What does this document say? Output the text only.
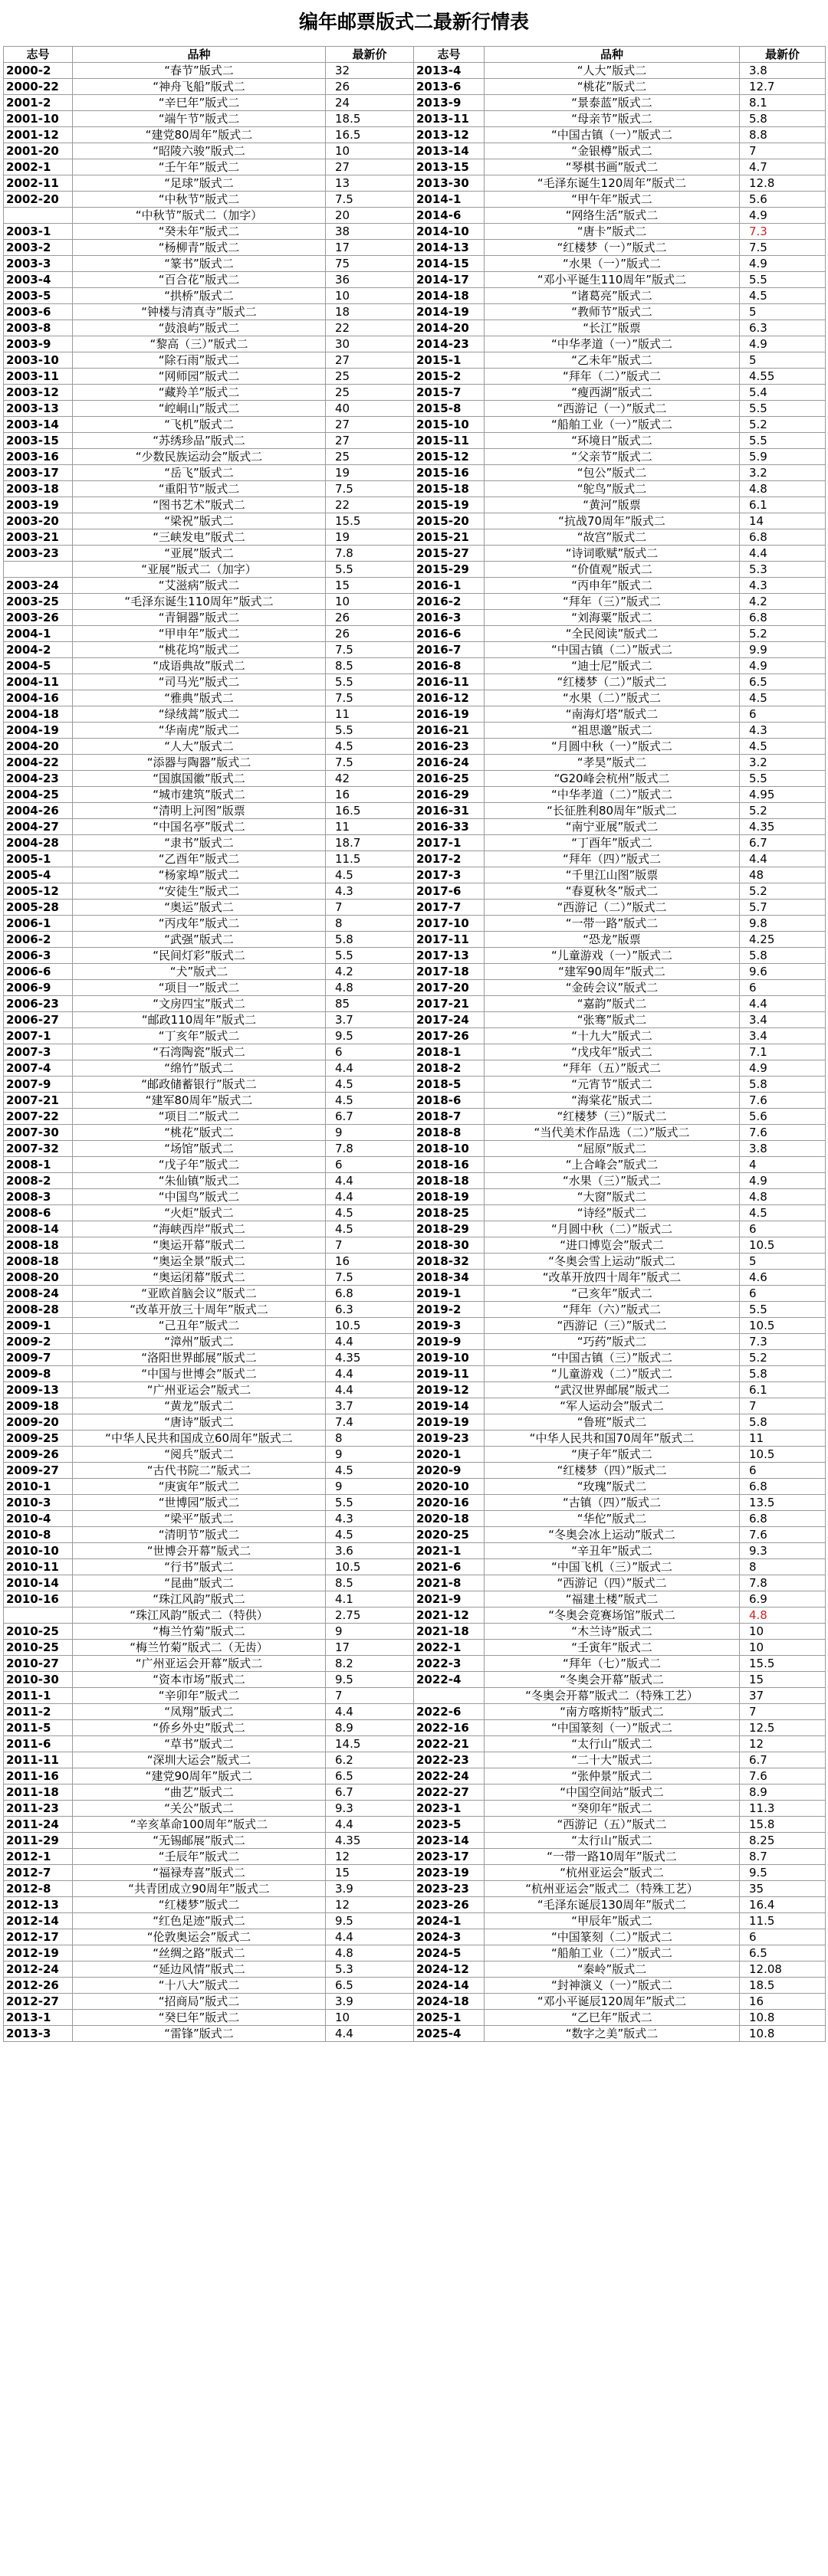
编年邮票版式二最新行情表
志号	品种	最新价	志号	品种	最新价
2000-2	“春节”版式二	32	2013-4	“人大”版式二	3.8
2000-22	“神舟飞船”版式二	26	2013-6	“桃花”版式二	12.7
2001-2	“辛巳年”版式二	24	2013-9	“景泰蓝”版式二	8.1
2001-10	“端午节”版式二	18.5	2013-11	“母亲节”版式二	5.8
2001-12	“建党80周年”版式二	16.5	2013-12	“中国古镇（一）”版式二	8.8
2001-20	“昭陵六骏”版式二	10	2013-14	“金银樽”版式二	7
2002-1	“壬午年”版式二	27	2013-15	“琴棋书画”版式二	4.7
2002-11	“足球”版式二	13	2013-30	“毛泽东诞生120周年”版式二	12.8
2002-20	“中秋节”版式二	7.5	2014-1	“甲午年”版式二	5.6
	“中秋节”版式二（加字）	20	2014-6	“网络生活”版式二	4.9
2003-1	“癸未年”版式二	38	2014-10	“唐卡”版式二	7.3
2003-2	“杨柳青”版式二	17	2014-13	“红楼梦（一）”版式二	7.5
2003-3	“篆书”版式二	75	2014-15	“水果（一）”版式二	4.9
2003-4	“百合花”版式二	36	2014-17	“邓小平诞生110周年”版式二	5.5
2003-5	“拱桥”版式二	10	2014-18	“诸葛亮”版式二	4.5
2003-6	“钟楼与清真寺”版式二	18	2014-19	“教师节”版式二	5
2003-8	“鼓浪屿”版式二	22	2014-20	“长江”版票	6.3
2003-9	“黎高（三）”版式二	30	2014-23	“中华孝道（一）”版式二	4.9
2003-10	“除石雨”版式二	27	2015-1	“乙未年”版式二	5
2003-11	“网师园”版式二	25	2015-2	“拜年（二）”版式二	4.55
2003-12	“藏羚羊”版式二	25	2015-7	“瘦西湖”版式二	5.4
2003-13	“崆峒山”版式二	40	2015-8	“西游记（一）”版式二	5.5
2003-14	“飞机”版式二	27	2015-10	“船舶工业（一）”版式二	5.2
2003-15	“苏绣珍品”版式二	27	2015-11	“环境日”版式二	5.5
2003-16	“少数民族运动会”版式二	25	2015-12	“父亲节”版式二	5.9
2003-17	“岳飞”版式二	19	2015-16	“包公”版式二	3.2
2003-18	“重阳节”版式二	7.5	2015-18	“鸵鸟”版式二	4.8
2003-19	“图书艺术”版式二	22	2015-19	“黄河”版票	6.1
2003-20	“梁祝”版式二	15.5	2015-20	“抗战70周年”版式二	14
2003-21	“三峡发电”版式二	19	2015-21	“故宫”版式二	6.8
2003-23	“亚展”版式二	7.8	2015-27	“诗词歌赋”版式二	4.4
	“亚展”版式二（加字）	5.5	2015-29	“价值观”版式二	5.3
2003-24	“艾滋病”版式二	15	2016-1	“丙申年”版式二	4.3
2003-25	“毛泽东诞生110周年”版式二	10	2016-2	“拜年（三）”版式二	4.2
2003-26	“青铜器”版式二	26	2016-3	“刘海粟”版式二	6.8
2004-1	“甲申年”版式二	26	2016-6	“全民阅读”版式二	5.2
2004-2	“桃花坞”版式二	7.5	2016-7	“中国古镇（二）”版式二	9.9
2004-5	“成语典故”版式二	8.5	2016-8	“迪士尼”版式二	4.9
2004-11	“司马光”版式二	5.5	2016-11	“红楼梦（二）”版式二	6.5
2004-16	“雅典”版式二	7.5	2016-12	“水果（二）”版式二	4.5
2004-18	“绿绒蒿”版式二	11	2016-19	“南海灯塔”版式二	6
2004-19	“华南虎”版式二	5.5	2016-21	“祖思邈”版式二	4.3
2004-20	“人大”版式二	4.5	2016-23	“月圆中秋（一）”版式二	4.5
2004-22	“添器与陶器”版式二	7.5	2016-24	“孝昊”版式二	3.2
2004-23	“国旗国徽”版式二	42	2016-25	“G20峰会杭州”版式二	5.5
2004-25	“城市建筑”版式二	16	2016-29	“中华孝道（二）”版式二	4.95
2004-26	“清明上河图”版票	16.5	2016-31	“长征胜利80周年”版式二	5.2
2004-27	“中国名亭”版式二	11	2016-33	“南宁亚展”版式二	4.35
2004-28	“隶书”版式二	18.7	2017-1	“丁酉年”版式二	6.7
2005-1	“乙酉年”版式二	11.5	2017-2	“拜年（四）”版式二	4.4
2005-4	“杨家埠”版式二	4.5	2017-3	“千里江山图”版票	48
2005-12	“安徒生”版式二	4.3	2017-6	“春夏秋冬”版式二	5.2
2005-28	“奥运”版式二	7	2017-7	“西游记（二）”版式二	5.7
2006-1	“丙戌年”版式二	8	2017-10	“一带一路”版式二	9.8
2006-2	“武强”版式二	5.8	2017-11	“恐龙”版票	4.25
2006-3	“民间灯彩”版式二	5.5	2017-13	“儿童游戏（一）”版式二	5.8
2006-6	“犬”版式二	4.2	2017-18	“建军90周年”版式二	9.6
2006-9	“项目一”版式二	4.8	2017-20	“金砖会议”版式二	6
2006-23	“文房四宝”版式二	85	2017-21	“嘉韵”版式二	4.4
2006-27	“邮政110周年”版式二	3.7	2017-24	“张骞”版式二	3.4
2007-1	“丁亥年”版式二	9.5	2017-26	“十九大”版式二	3.4
2007-3	“石湾陶瓷”版式二	6	2018-1	“戊戌年”版式二	7.1
2007-4	“绵竹”版式二	4.4	2018-2	“拜年（五）”版式二	4.9
2007-9	“邮政储蓄银行”版式二	4.5	2018-5	“元宵节”版式二	5.8
2007-21	“建军80周年”版式二	4.5	2018-6	“海棠花”版式二	7.6
2007-22	“项目二”版式二	6.7	2018-7	“红楼梦（三）”版式二	5.6
2007-30	“桃花”版式二	9	2018-8	“当代美术作品选（二）”版式二	7.6
2007-32	“场馆”版式二	7.8	2018-10	“屈原”版式二	3.8
2008-1	“戊子年”版式二	6	2018-16	“上合峰会”版式二	4
2008-2	“朱仙镇”版式二	4.4	2018-18	“水果（三）”版式二	4.9
2008-3	“中国鸟”版式二	4.4	2018-19	“大窗”版式二	4.8
2008-6	“火炬”版式二	4.5	2018-25	“诗经”版式二	4.5
2008-14	“海峡西岸”版式二	4.5	2018-29	“月圆中秋（二）”版式二	6
2008-18	“奥运开幕”版式二	7	2018-30	“进口博览会”版式二	10.5
2008-18	“奥运全景”版式二	16	2018-32	“冬奥会雪上运动”版式二	5
2008-20	“奥运闭幕”版式二	7.5	2018-34	“改革开放四十周年”版式二	4.6
2008-24	“亚欧首脑会议”版式二	6.8	2019-1	“己亥年”版式二	6
2008-28	“改革开放三十周年”版式二	6.3	2019-2	“拜年（六）”版式二	5.5
2009-1	“己丑年”版式二	10.5	2019-3	“西游记（三）”版式二	10.5
2009-2	“漳州”版式二	4.4	2019-9	“巧药”版式二	7.3
2009-7	“洛阳世界邮展”版式二	4.35	2019-10	“中国古镇（三）”版式二	5.2
2009-8	“中国与世博会”版式二	4.4	2019-11	“儿童游戏（二）”版式二	5.8
2009-13	“广州亚运会”版式二	4.4	2019-12	“武汉世界邮展”版式二	6.1
2009-18	“黄龙”版式二	3.7	2019-14	“军人运动会”版式二	7
2009-20	“唐诗”版式二	7.4	2019-19	“鲁班”版式二	5.8
2009-25	“中华人民共和国成立60周年”版式二	8	2019-23	“中华人民共和国70周年”版式二	11
2009-26	“阅兵”版式二	9	2020-1	“庚子年”版式二	10.5
2009-27	“古代书院二”版式二	4.5	2020-9	“红楼梦（四）”版式二	6
2010-1	“庚寅年”版式二	9	2020-10	“玫瑰”版式二	6.8
2010-3	“世博园”版式二	5.5	2020-16	“古镇（四）”版式二	13.5
2010-4	“梁平”版式二	4.3	2020-18	“华佗”版式二	6.8
2010-8	“清明节”版式二	4.5	2020-25	“冬奥会冰上运动”版式二	7.6
2010-10	“世博会开幕”版式二	3.6	2021-1	“辛丑年”版式二	9.3
2010-11	“行书”版式二	10.5	2021-6	“中国飞机（三）”版式二	8
2010-14	“昆曲”版式二	8.5	2021-8	“西游记（四）”版式二	7.8
2010-16	“珠江风韵”版式二	4.1	2021-9	“福建土楼”版式二	6.9
	“珠江风韵”版式二（特供）	2.75	2021-12	“冬奥会竞赛场馆”版式二	4.8
2010-25	“梅兰竹菊”版式二	9	2021-18	“木兰诗”版式二	10
2010-25	“梅兰竹菊”版式二（无齿）	17	2022-1	“壬寅年”版式二	10
2010-27	“广州亚运会开幕”版式二	8.2	2022-3	“拜年（七）”版式二	15.5
2010-30	“资本市场”版式二	9.5	2022-4	“冬奥会开幕”版式二	15
2011-1	“辛卯年”版式二	7		“冬奥会开幕”版式二（特殊工艺）	37
2011-2	“凤翔”版式二	4.4	2022-6	“南方喀斯特”版式二	7
2011-5	“侨乡外史”版式二	8.9	2022-16	“中国篆刻（一）”版式二	12.5
2011-6	“草书”版式二	14.5	2022-21	“太行山”版式二	12
2011-11	“深圳大运会”版式二	6.2	2022-23	“二十大”版式二	6.7
2011-16	“建党90周年”版式二	6.5	2022-24	“张仲景”版式二	7.6
2011-18	“曲艺”版式二	6.7	2022-27	“中国空间站”版式二	8.9
2011-23	“关公”版式二	9.3	2023-1	“癸卯年”版式二	11.3
2011-24	“辛亥革命100周年”版式二	4.4	2023-5	“西游记（五）”版式二	15.8
2011-29	“无锡邮展”版式二	4.35	2023-14	“太行山”版式二	8.25
2012-1	“壬辰年”版式二	12	2023-17	“一带一路10周年”版式二	8.7
2012-7	“福禄寿喜”版式二	15	2023-19	“杭州亚运会”版式二	9.5
2012-8	“共青团成立90周年”版式二	3.9	2023-23	“杭州亚运会”版式二（特殊工艺）	35
2012-13	“红楼梦”版式二	12	2023-26	“毛泽东诞辰130周年”版式二	16.4
2012-14	“红色足迹”版式二	9.5	2024-1	“甲辰年”版式二	11.5
2012-17	“伦敦奥运会”版式二	4.4	2024-3	“中国篆刻（二）”版式二	6
2012-19	“丝绸之路”版式二	4.8	2024-5	“船舶工业（二）”版式二	6.5
2012-24	“延边风情”版式二	5.3	2024-12	“秦岭”版式二	12.08
2012-26	“十八大”版式二	6.5	2024-14	“封神演义（一）”版式二	18.5
2012-27	“招商局”版式二	3.9	2024-18	“邓小平诞辰120周年”版式二	16
2013-1	“癸巳年”版式二	10	2025-1	“乙巳年”版式二	10.8
2013-3	“雷锋”版式二	4.4	2025-4	“数字之美”版式二	10.8
